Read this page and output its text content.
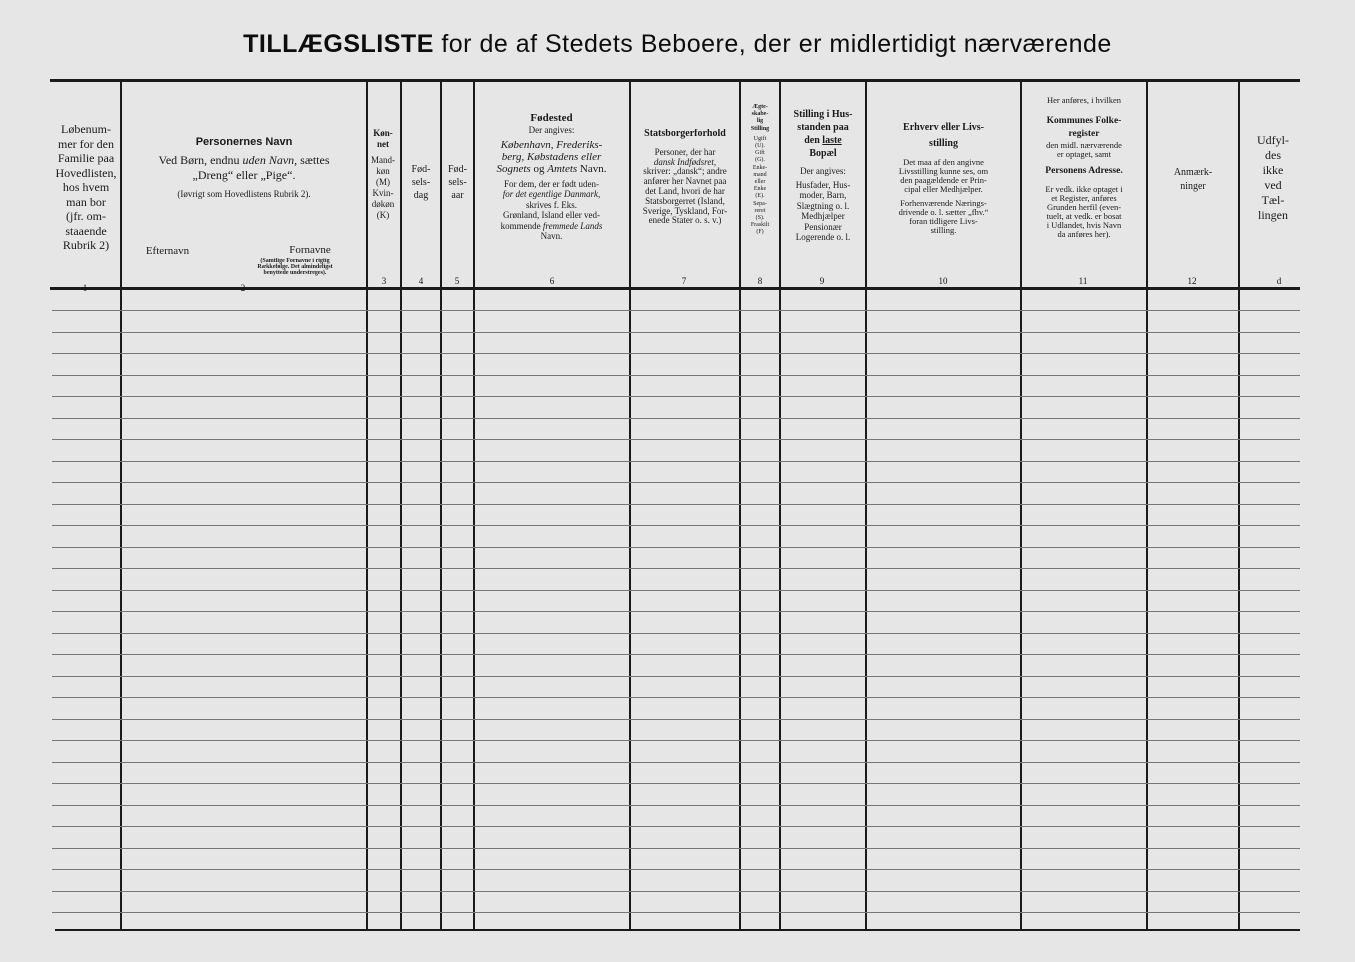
TILLÆGSLISTE for de af Stedets Beboere, der er midlertidigt nærværende
Løbenum-
mer for den
Familie paa
Hovedlisten,
hos hvem
man bor
(jfr. om-
staaende
Rubrik 2)
1
Personernes Navn
Ved Børn, endnu uden Navn, sættes
„Dreng“ eller „Pige“.
(Iøvrigt som Hovedlistens Rubrik 2).
Efternavn	Fornavne
(Samtlige Fornavne i rigtig
Rækkefølge. Det almindeligst
benyttede understreges).
2
Køn-
net
Mand-
køn
(M)
Kvin-
døkøn
(K)
3
Fød-
sels-
dag
4
Fød-
sels-
aar
5
Fødested
Der angives:
København, Frederiks-
berg, Købstadens eller
Sognets og Amtets Navn.
For dem, der er født uden-
for det egentlige Danmark,
skrives f. Eks.
Grønland, Island eller ved-
kommende fremmede Lands
Navn.
6
Statsborgerforhold
Personer, der har
dansk Indfødsret,
skriver: „dansk“; andre
anfører her Navnet paa
det Land, hvori de har
Statsborgerret (Island,
Sverige, Tyskland, For-
enede Stater o. s. v.)
7
Ægte-
skabe-
lig
Stilling
Ugift
(U).
Gift
(G).
Enke-
mand
eller
Enke
(E).
Sepa-
reret
(S).
Fraskilt
(F)
8
Stilling i Hus-
standen paa
den laste
Bopæl
Der angives:
Husfader, Hus-
moder, Barn,
Slægtning o. l.
Medhjælper
Pensionær
Logerende o. l.
9
Erhverv eller Livs-
stilling
Det maa af den angivne
Livsstilling kunne ses, om
den paagældende er Prin-
cipal eller Medhjælper.
Forhenværende Nærings-
drivende o. l. sætter „fhv.“
foran tidligere Livs-
stilling.
10
Her anføres, i hvilken
Kommunes Folke-
register
den midl. nærværende
er optaget, samt
Personens Adresse.
Er vedk. ikke optaget i
et Register, anføres
Grunden herfil (even-
tuelt, at vedk. er bosat
i Udlandet, hvis Navn
da anføres her).
11
Anmærk-
ninger
12
Udfyl-
des
ikke
ved
Tæl-
lingen
d
